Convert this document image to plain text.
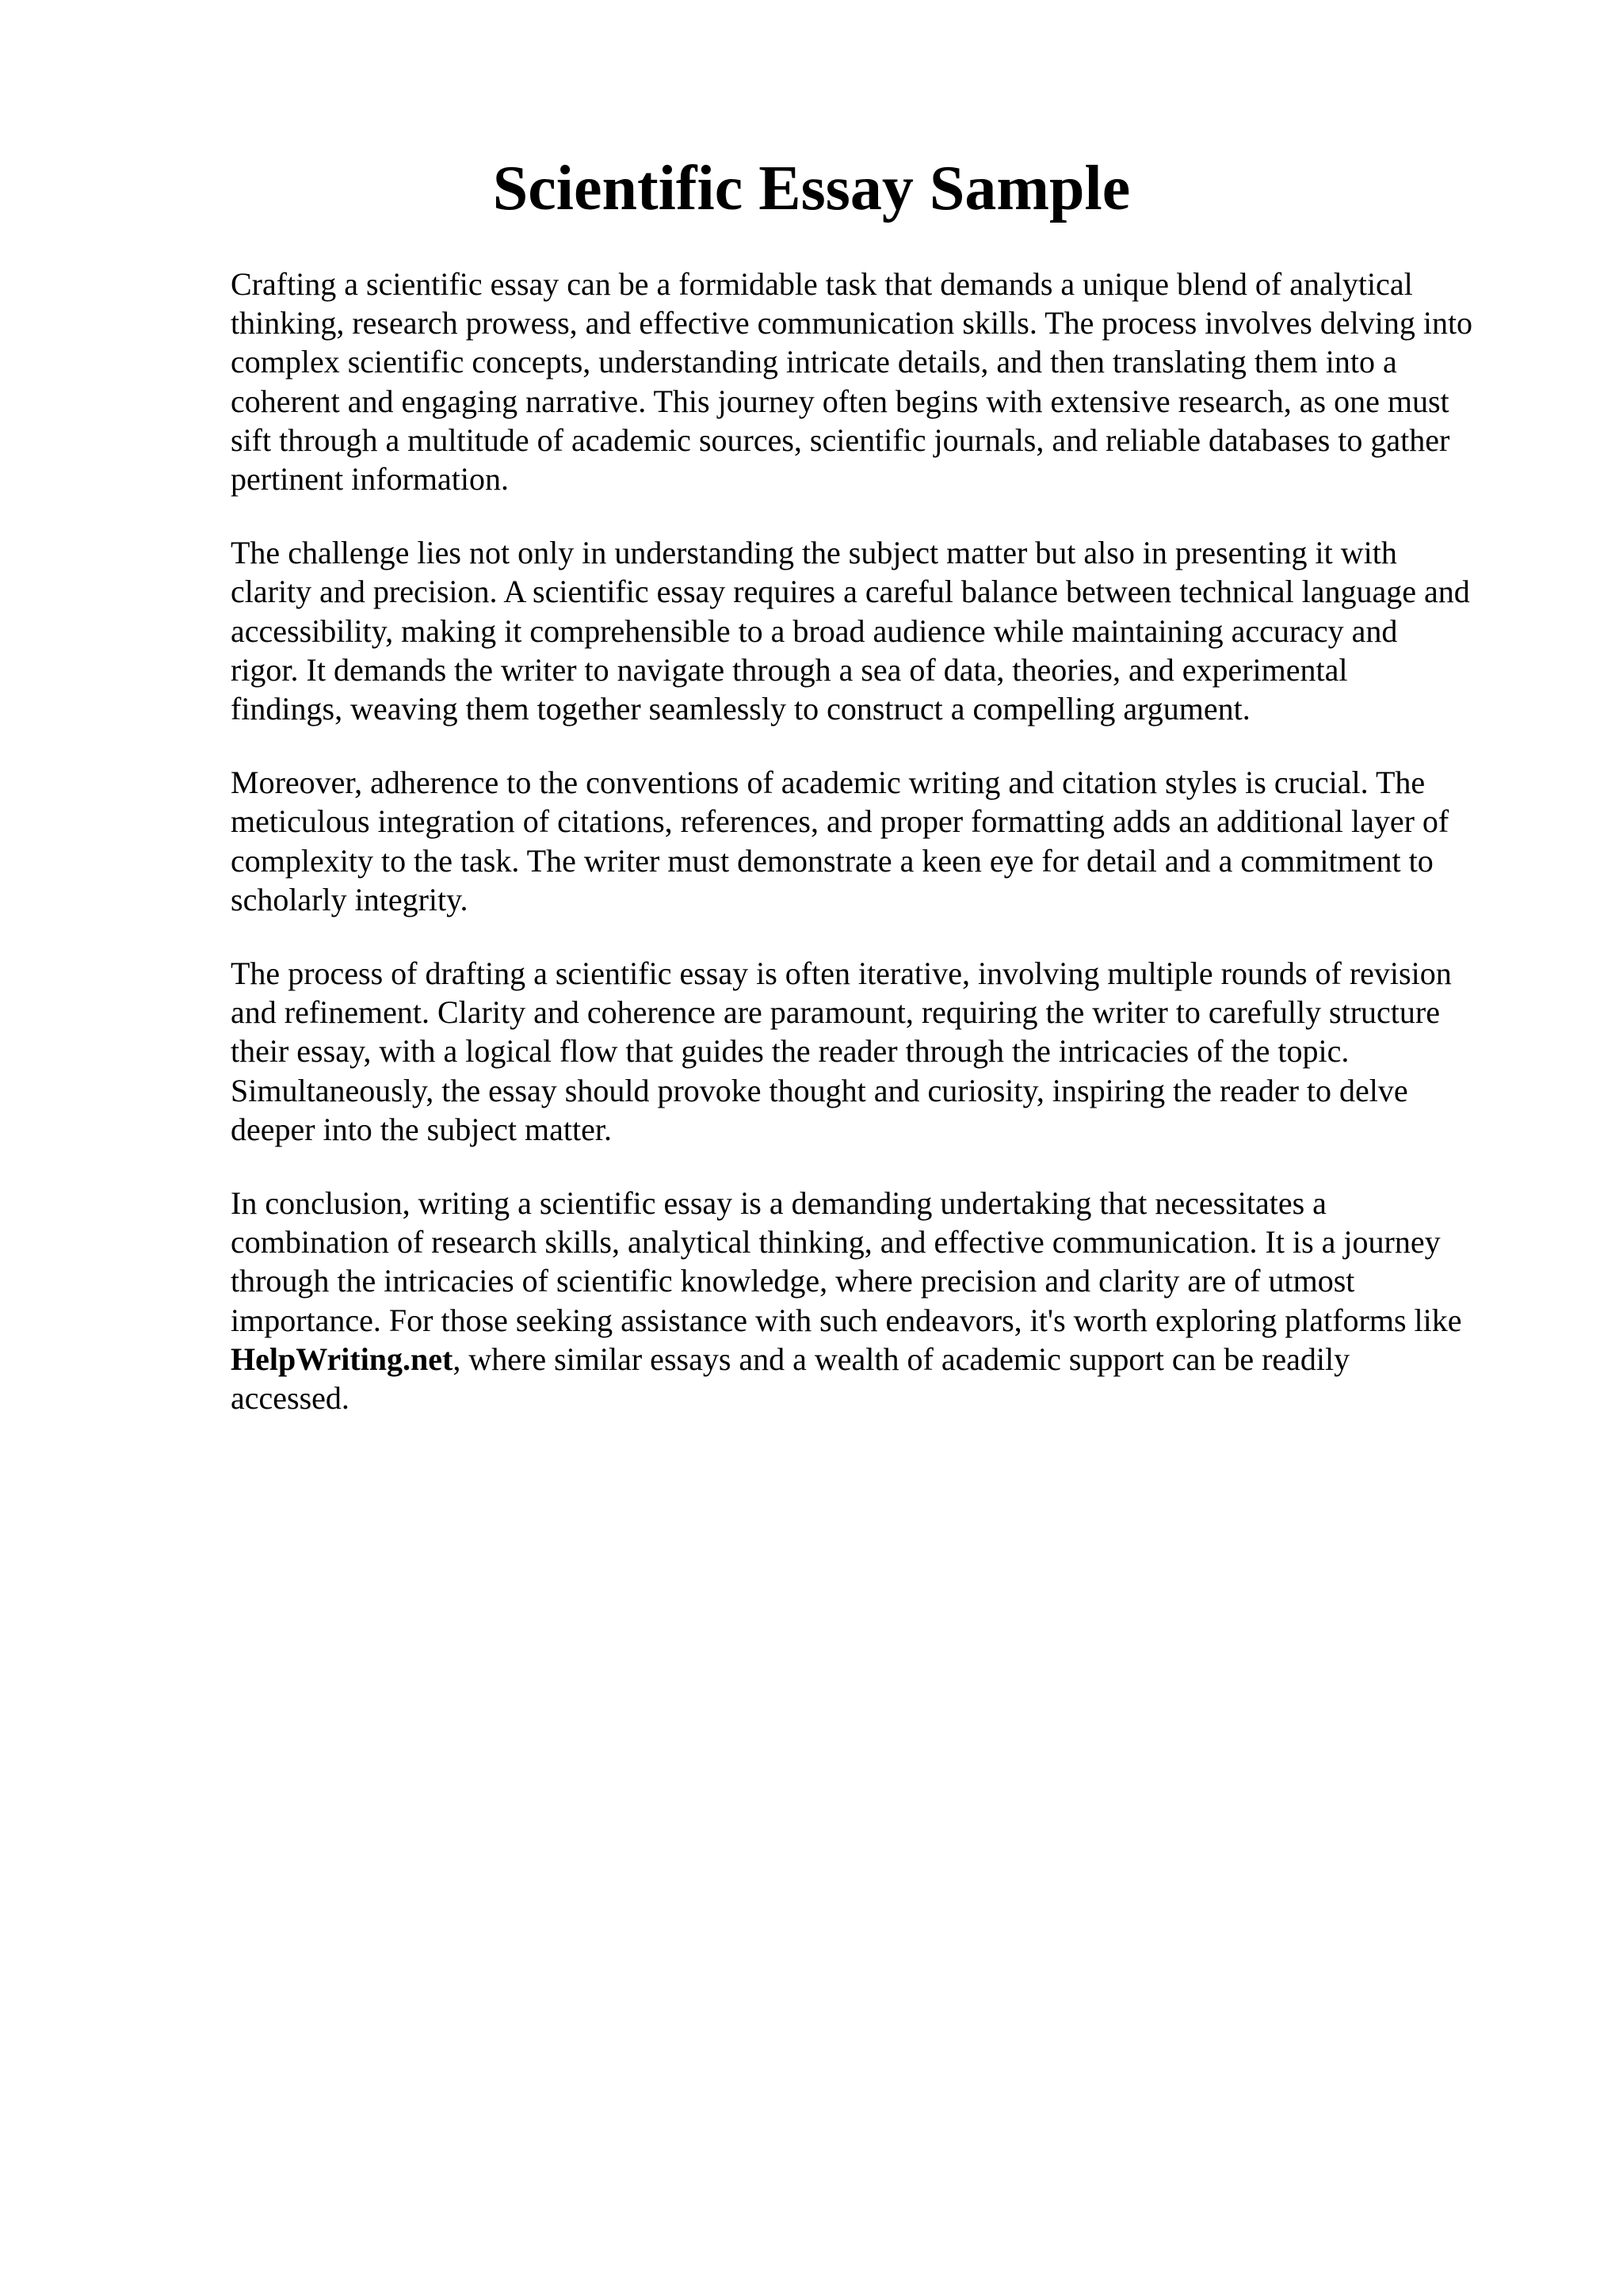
Scientific Essay Sample

Crafting a scientific essay can be a formidable task that demands a unique blend of analytical
thinking, research prowess, and effective communication skills. The process involves delving into
complex scientific concepts, understanding intricate details, and then translating them into a
coherent and engaging narrative. This journey often begins with extensive research, as one must
sift through a multitude of academic sources, scientific journals, and reliable databases to gather
pertinent information.

The challenge lies not only in understanding the subject matter but also in presenting it with
clarity and precision. A scientific essay requires a careful balance between technical language and
accessibility, making it comprehensible to a broad audience while maintaining accuracy and
rigor. It demands the writer to navigate through a sea of data, theories, and experimental
findings, weaving them together seamlessly to construct a compelling argument.

Moreover, adherence to the conventions of academic writing and citation styles is crucial. The
meticulous integration of citations, references, and proper formatting adds an additional layer of
complexity to the task. The writer must demonstrate a keen eye for detail and a commitment to
scholarly integrity.

The process of drafting a scientific essay is often iterative, involving multiple rounds of revision
and refinement. Clarity and coherence are paramount, requiring the writer to carefully structure
their essay, with a logical flow that guides the reader through the intricacies of the topic.
Simultaneously, the essay should provoke thought and curiosity, inspiring the reader to delve
deeper into the subject matter.

In conclusion, writing a scientific essay is a demanding undertaking that necessitates a
combination of research skills, analytical thinking, and effective communication. It is a journey
through the intricacies of scientific knowledge, where precision and clarity are of utmost
importance. For those seeking assistance with such endeavors, it's worth exploring platforms like
HelpWriting.net, where similar essays and a wealth of academic support can be readily
accessed.
